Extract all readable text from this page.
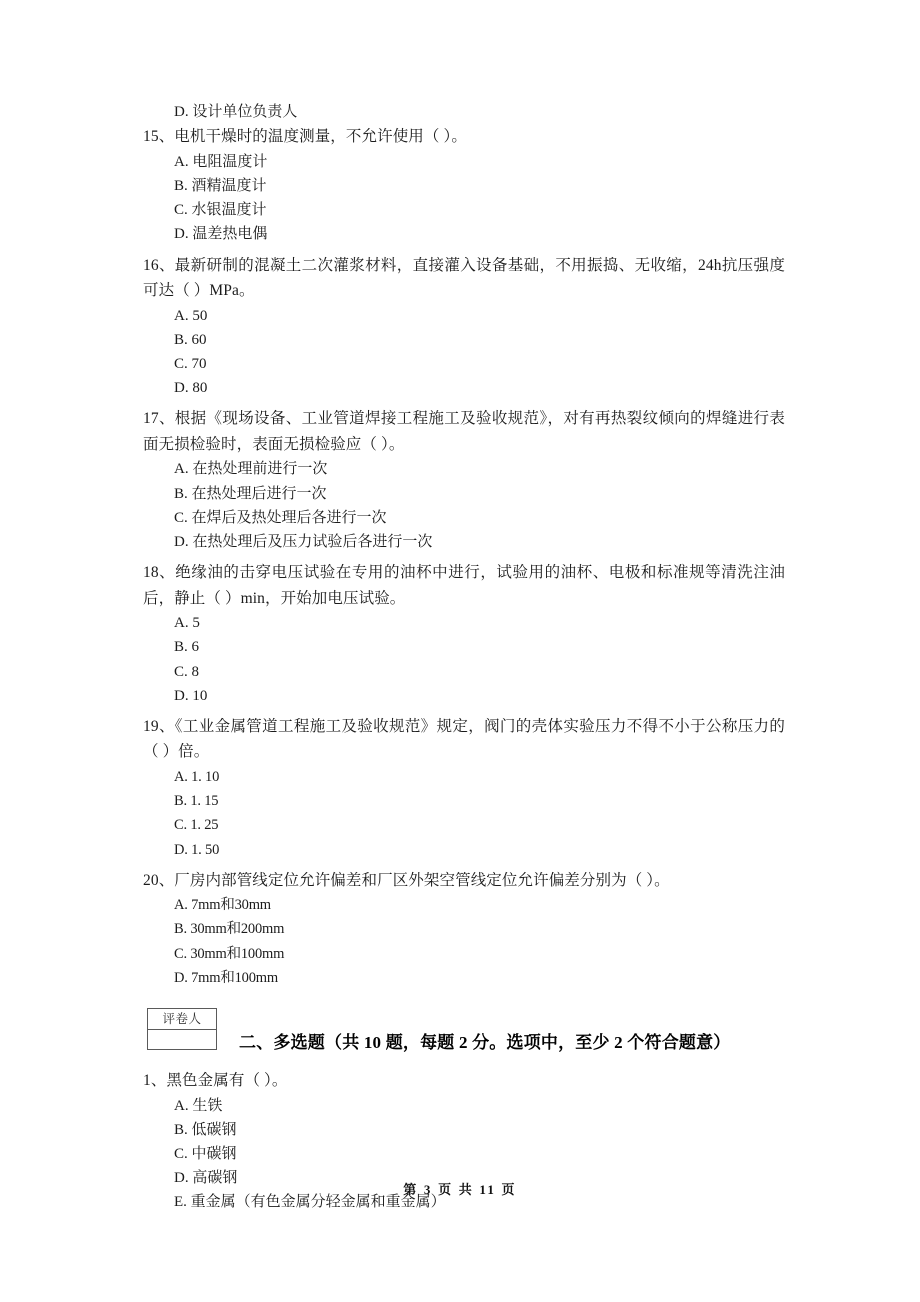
D. 设计单位负责人

15、电机干燥时的温度测量，不允许使用（ ）。

A. 电阻温度计
B. 酒精温度计
C. 水银温度计
D. 温差热电偶

16、最新研制的混凝土二次灌浆材料，直接灌入设备基础，不用振捣、无收缩，24h抗压强度可达（ ）MPa。

A. 50
B. 60
C. 70
D. 80

17、根据《现场设备、工业管道焊接工程施工及验收规范》，对有再热裂纹倾向的焊缝进行表面无损检验时，表面无损检验应（ ）。

A. 在热处理前进行一次
B. 在热处理后进行一次
C. 在焊后及热处理后各进行一次
D. 在热处理后及压力试验后各进行一次

18、绝缘油的击穿电压试验在专用的油杯中进行，试验用的油杯、电极和标准规等清洗注油后，静止（ ）min，开始加电压试验。

A. 5
B. 6
C. 8
D. 10

19、《工业金属管道工程施工及验收规范》规定，阀门的壳体实验压力不得不小于公称压力的（ ）倍。

A. 1. 10
B. 1. 15
C. 1. 25
D. 1. 50

20、厂房内部管线定位允许偏差和厂区外架空管线定位允许偏差分别为（ ）。

A. 7mm和30mm
B. 30mm和200mm
C. 30mm和100mm
D. 7mm和100mm
评卷人
二、多选题（共 10 题，每题 2 分。选项中，至少 2 个符合题意）

1、黑色金属有（ ）。

A. 生铁
B. 低碳钢
C. 中碳钢
D. 高碳钢
E. 重金属（有色金属分轻金属和重金属）
第 3 页 共 11 页
